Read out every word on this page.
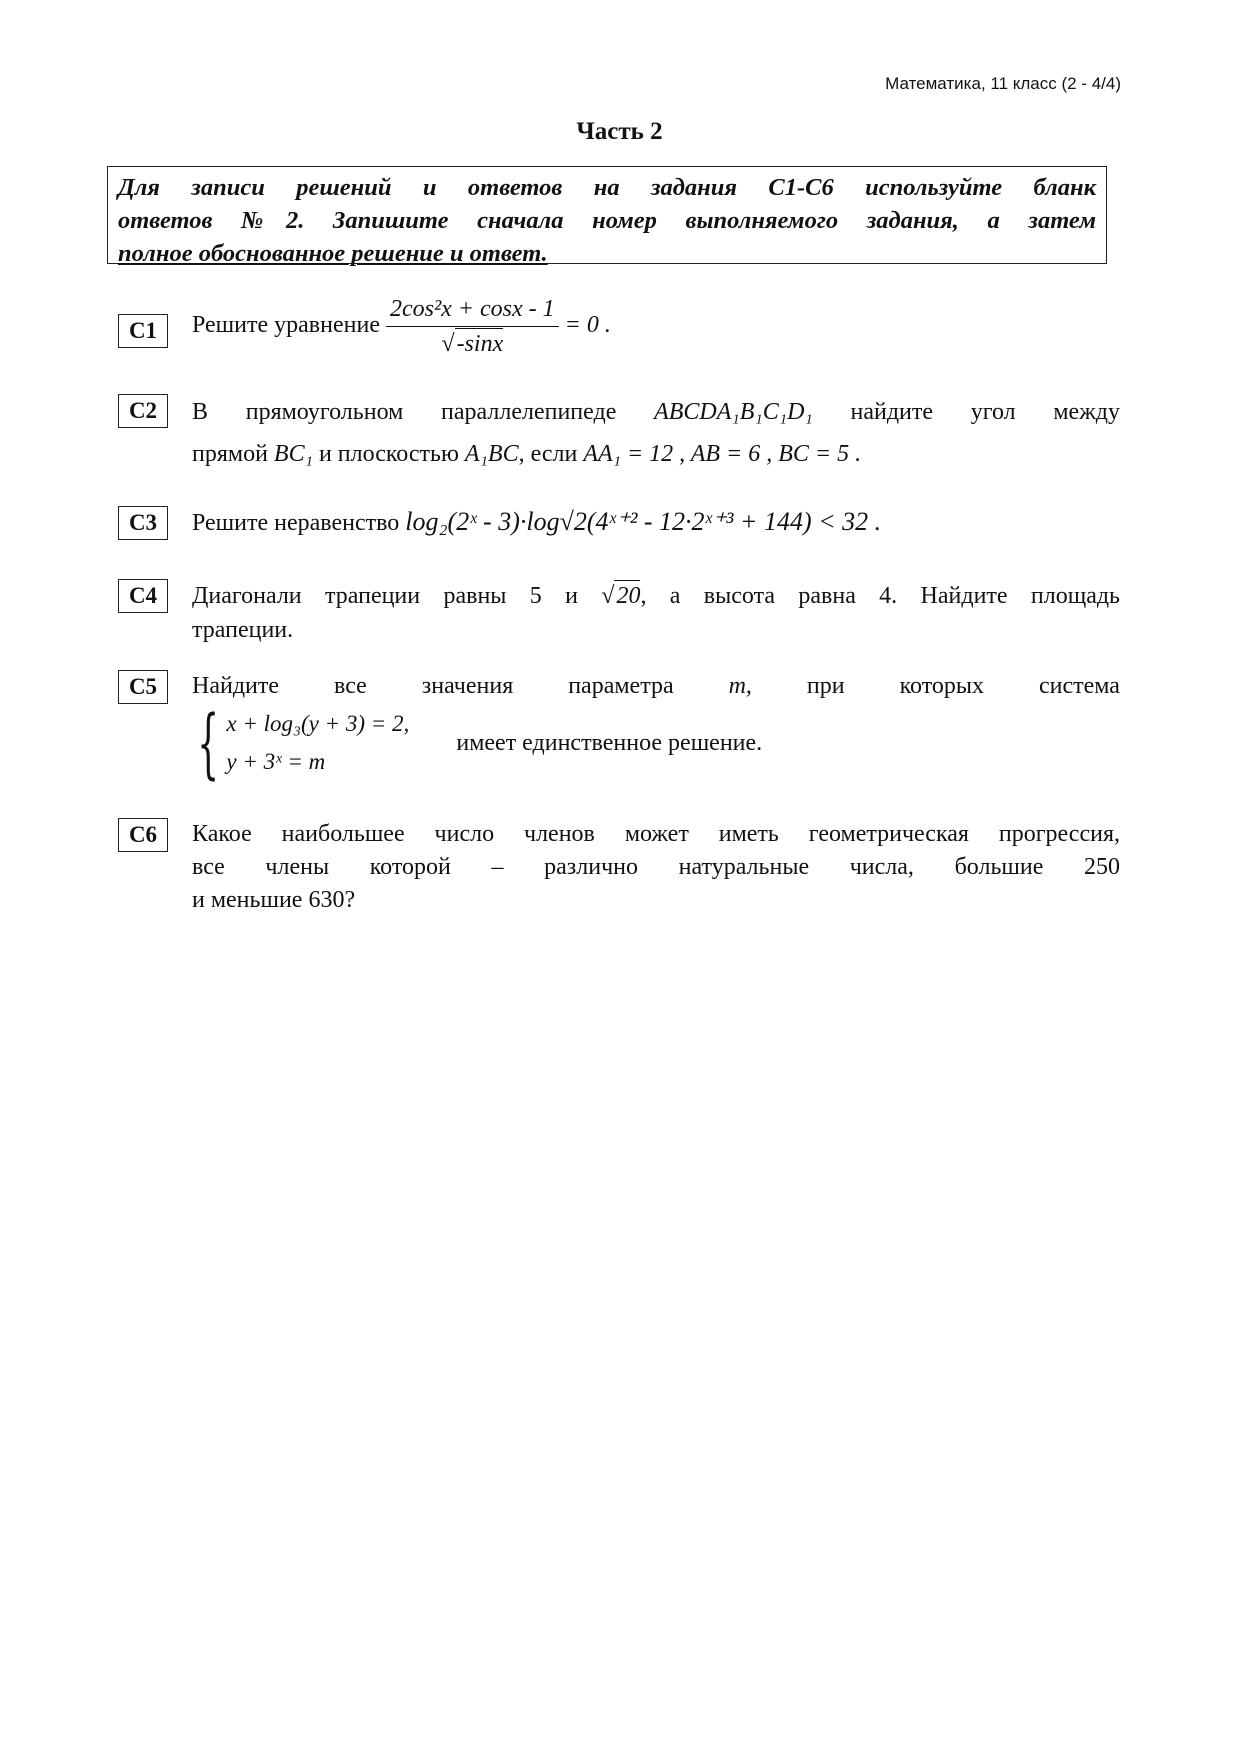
Математика, 11 класс (2 - 4/4)
Часть 2
Для записи решений и ответов на задания С1-С6 используйте бланк
ответов №2. Запишите сначала номер выполняемого задания, а затем
полное обоснованное решение и ответ.
C1	Решите уравнение $\frac{\text{2cos²x + cosx - 1}}{√-\sin x} = 0$ .
C2	В прямоугольном параллелепипеде ABCDA₁B₁C₁D₁ найдите угол между
прямой BC₁ и плоскостью A₁BC, если AA₁ = 12 , AB = 6 , BC = 5 .
C3	Решите неравенство log₂(2ˣ - 3)·log√2(4ˣ⁺² - 12·2ˣ⁺³ + 144) < 32 .
C4	Диагонали трапеции равны 5 и √20, а высота равна 4. Найдите площадь
трапеции.
C5	Найдите все значения параметра m, при которых система
{ x + log₃(y + 3) = 2,
y + 3ˣ = m
имеет единственное решение.
C6	Какое наибольшее число членов может иметь геометрическая прогрессия,
все члены которой – различно натуральные числа, большие 250
и меньшие 630?
